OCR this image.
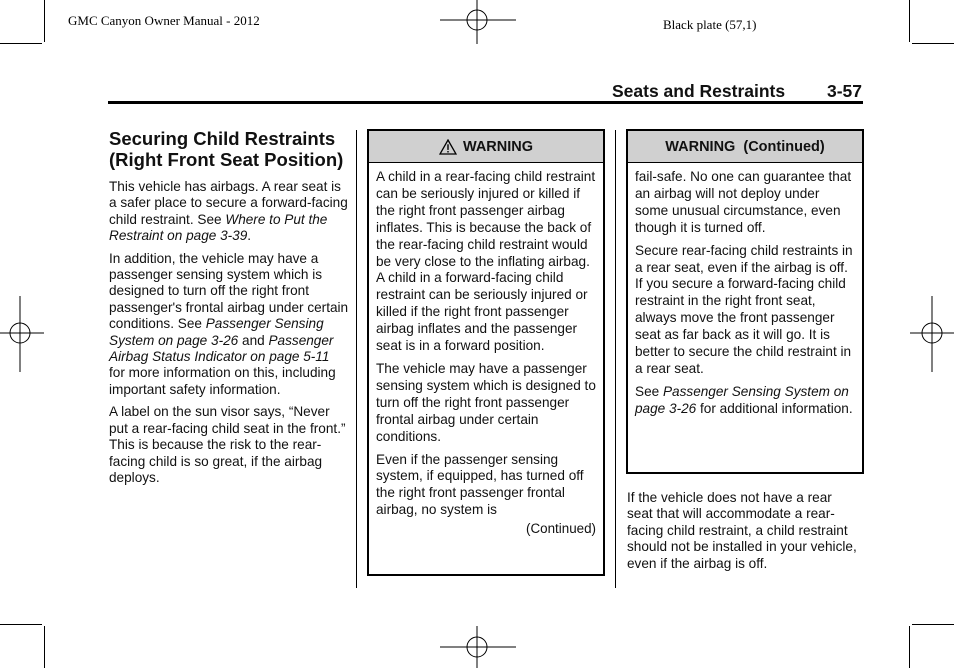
GMC Canyon Owner Manual - 2012	Black plate (57,1)
Seats and Restraints 3-57
Securing Child Restraints (Right Front Seat Position)

This vehicle has airbags. A rear seat is a safer place to secure a forward-facing child restraint. See Where to Put the Restraint on page 3-39.

In addition, the vehicle may have a passenger sensing system which is designed to turn off the right front passenger's frontal airbag under certain conditions. See Passenger Sensing System on page 3-26 and Passenger Airbag Status Indicator on page 5-11 for more information on this, including important safety information.

A label on the sun visor says, “Never put a rear-facing child seat in the front.” This is because the risk to the rear-facing child is so great, if the airbag deploys.

WARNING

A child in a rear-facing child restraint can be seriously injured or killed if the right front passenger airbag inflates. This is because the back of the rear-facing child restraint would be very close to the inflating airbag. A child in a forward-facing child restraint can be seriously injured or killed if the right front passenger airbag inflates and the passenger seat is in a forward position.

The vehicle may have a passenger sensing system which is designed to turn off the right front passenger frontal airbag under certain conditions.

Even if the passenger sensing system, if equipped, has turned off the right front passenger frontal airbag, no system is

(Continued)
WARNING  (Continued)

fail-safe. No one can guarantee that an airbag will not deploy under some unusual circumstance, even though it is turned off.

Secure rear-facing child restraints in a rear seat, even if the airbag is off. If you secure a forward-facing child restraint in the right front seat, always move the front passenger seat as far back as it will go. It is better to secure the child restraint in a rear seat.

See Passenger Sensing System on page 3-26 for additional information.

If the vehicle does not have a rear seat that will accommodate a rear-facing child restraint, a child restraint should not be installed in your vehicle, even if the airbag is off.
